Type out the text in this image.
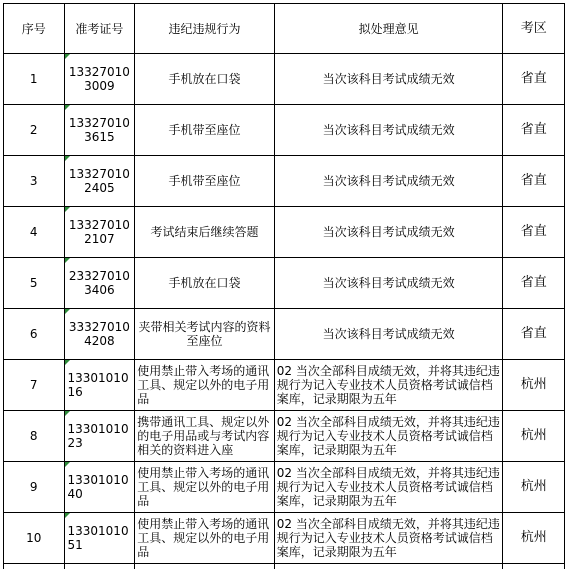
序号	准考证号	违纪违规行为	拟处理意见	考区
1	133270103009	手机放在口袋	当次该科目考试成绩无效	省直
2	133270103615	手机带至座位	当次该科目考试成绩无效	省直
3	133270102405	手机带至座位	当次该科目考试成绩无效	省直
4	133270102107	考试结束后继续答题	当次该科目考试成绩无效	省直
5	233270103406	手机放在口袋	当次该科目考试成绩无效	省直
6	333270104208	夹带相关考试内容的资料至座位	当次该科目考试成绩无效	省直
7	1330101016	使用禁止带入考场的通讯工具、规定以外的电子用品	02 当次全部科目成绩无效，并将其违纪违规行为记入专业技术人员资格考试诚信档案库，记录期限为五年	杭州
8	1330101023	携带通讯工具、规定以外的电子用品或与考试内容相关的资料进入座	02 当次全部科目成绩无效，并将其违纪违规行为记入专业技术人员资格考试诚信档案库，记录期限为五年	杭州
9	1330101040	使用禁止带入考场的通讯工具、规定以外的电子用品	02 当次全部科目成绩无效，并将其违纪违规行为记入专业技术人员资格考试诚信档案库，记录期限为五年	杭州
10	1330101051	使用禁止带入考场的通讯工具、规定以外的电子用品	02 当次全部科目成绩无效，并将其违纪违规行为记入专业技术人员资格考试诚信档案库，记录期限为五年	杭州
